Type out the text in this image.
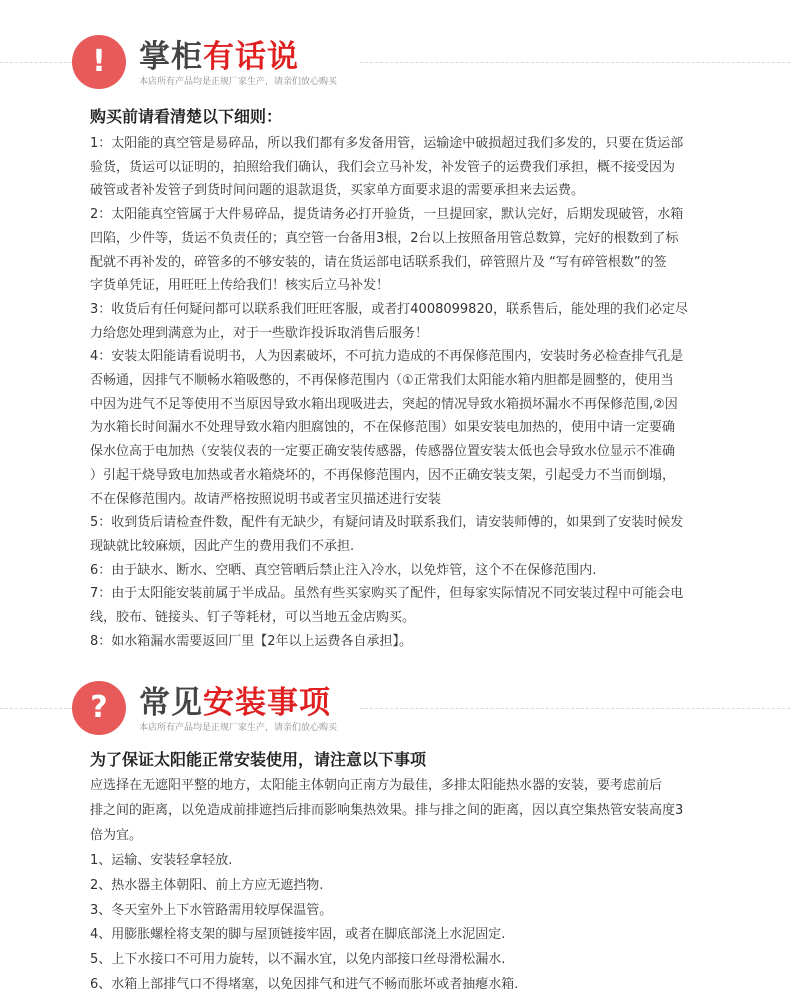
!	掌柜有话说
本店所有产品均是正规厂家生产，请亲们放心购买
购买前请看清楚以下细则：
1：太阳能的真空管是易碎品，所以我们都有多发备用管，运输途中破损超过我们多发的，只要在货运部
验货，货运可以证明的，拍照给我们确认，我们会立马补发，补发管子的运费我们承担，概不接受因为
破管或者补发管子到货时间问题的退款退货，买家单方面要求退的需要承担来去运费。
2：太阳能真空管属于大件易碎品，提货请务必打开验货，一旦提回家，默认完好，后期发现破管，水箱
凹陷，少件等，货运不负责任的；真空管一台备用3根，2台以上按照备用管总数算，完好的根数到了标
配就不再补发的，碎管多的不够安装的，请在货运部电话联系我们，碎管照片及 “写有碎管根数”的签
字货单凭证，用旺旺上传给我们！核实后立马补发！
3：收货后有任何疑问都可以联系我们旺旺客服，或者打4008099820，联系售后，能处理的我们必定尽
力给您处理到满意为止，对于一些歇诈投诉取消售后服务！
4：安装太阳能请看说明书，人为因素破坏，不可抗力造成的不再保修范围内，安装时务必检查排气孔是
否畅通，因排气不顺畅水箱吸憋的，不再保修范围内（①正常我们太阳能水箱内胆都是圆整的，使用当
中因为进气不足等使用不当原因导致水箱出现吸进去，突起的情况导致水箱损坏漏水不再保修范围,②因
为水箱长时间漏水不处理导致水箱内胆腐蚀的，不在保修范围）如果安装电加热的，使用中请一定要确
保水位高于电加热（安装仪表的一定要正确安装传感器，传感器位置安装太低也会导致水位显示不准确
）引起干烧导致电加热或者水箱烧坏的，不再保修范围内，因不正确安装支架，引起受力不当而倒塌，
不在保修范围内。故请严格按照说明书或者宝贝描述进行安装
5：收到货后请检查件数，配件有无缺少，有疑问请及时联系我们，请安装师傅的，如果到了安装时候发
现缺就比较麻烦，因此产生的费用我们不承担.
6：由于缺水、断水、空晒、真空管晒后禁止注入冷水，以免炸管，这个不在保修范围内.
7：由于太阳能安装前属于半成品。虽然有些买家购买了配件，但每家实际情况不同安装过程中可能会电
线，胶布、链接头、钉子等耗材，可以当地五金店购买。
8：如水箱漏水需要返回厂里【2年以上运费各自承担】。
?	常见安装事项
本店所有产品均是正规厂家生产，请亲们放心购买
为了保证太阳能正常安装使用，请注意以下事项
应选择在无遮阳平整的地方，太阳能主体朝向正南方为最佳，多排太阳能热水器的安装，要考虑前后
排之间的距离，以免造成前排遮挡后排而影响集热效果。排与排之间的距离，因以真空集热管安装高度3
倍为宜。
1、运输、安装轻拿轻放.
2、热水器主体朝阳、前上方应无遮挡物.
3、冬天室外上下水管路需用较厚保温管。
4、用膨胀螺栓将支架的脚与屋顶链接牢固，或者在脚底部浇上水泥固定.
5、上下水接口不可用力旋转，以不漏水宜，以免内部接口丝母滑松漏水.
6、水箱上部排气口不得堵塞，以免因排气和进气不畅而胀坏或者抽瘪水箱.
